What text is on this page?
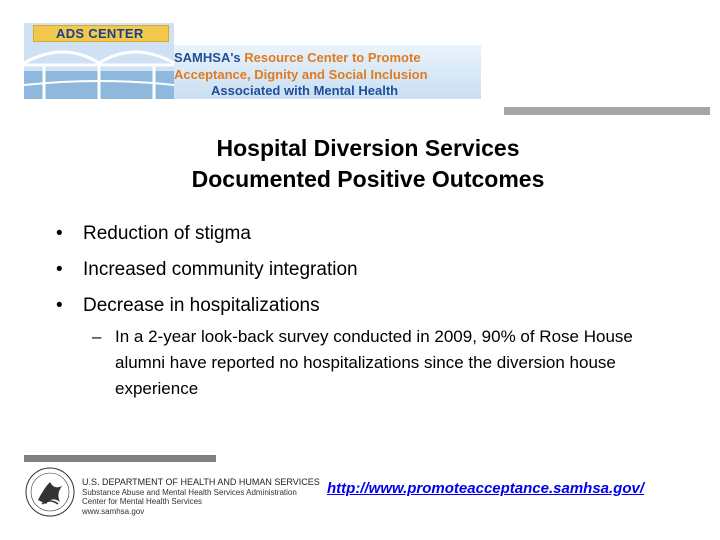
ADS CENTER
SAMHSA's Resource Center to Promote
Acceptance, Dignity and Social Inclusion
Associated with Mental Health
Hospital Diversion Services
Documented Positive Outcomes
• Reduction of stigma
• Increased community integration
• Decrease in hospitalizations
– In a 2-year look-back survey conducted in 2009, 90% of Rose House alumni have reported no hospitalizations since the diversion house experience
U.S. DEPARTMENT OF HEALTH AND HUMAN SERVICES
Substance Abuse and Mental Health Services Administration
Center for Mental Health Services
www.samhsa.gov
http://www.promoteacceptance.samhsa.gov/
